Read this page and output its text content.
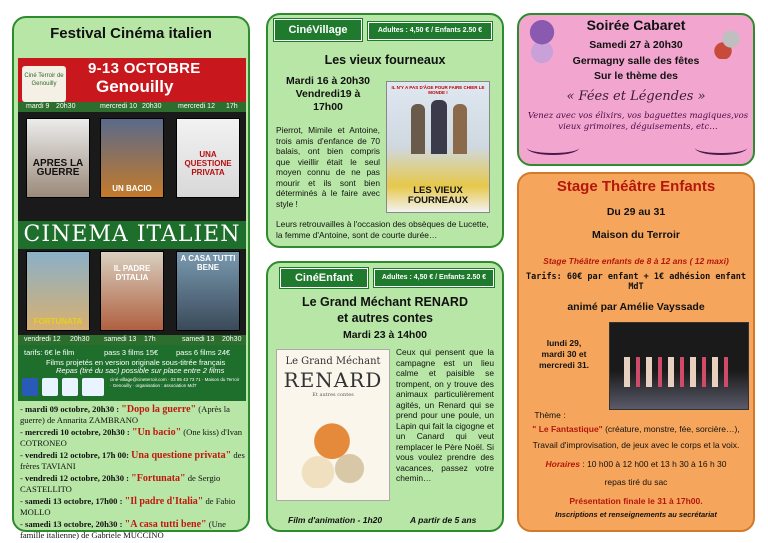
Festival Cinéma italien
Ciné Terroir de Genouilly
9-13 OCTOBRE
Genouilly
mardi 9 20h30	mercredi 10 20h30 mercredi 12 17h
APRES LA GUERRE
UN BACIO
UNA QUESTIONE PRIVATA
CINEMA ITALIEN
FORTUNATA
IL PADRE D'ITALIA
A CASA TUTTI BENE
vendredi 12 20h30 samedi 13 17h	samedi 13 20h30
tarifs: 6€ le film	pass 3 films 15€ pass 6 films 24€
Films projetés en version originale sous-titrée français
Repas (tiré du sac) possible sur place entre 2 films
ciné-village@cineterroir.com · 03 85 43 73 71 · Maison du Terroir · Genouilly · organisation : association MdT

- mardi 09 octobre, 20h30 : "Dopo la guerre" (Après la guerre) de Annarita ZAMBRANO

- mercredi 10 octobre, 20h30 : "Un bacio" (One kiss) d'Ivan COTRONEO

- vendredi 12 octobre, 17h 00: Una questione privata" des frères TAVIANI

- vendredi 12 octobre, 20h30 : "Fortunata" de Sergio CASTELLITO

- samedi 13 octobre, 17h00 : "Il padre d'Italia" de Fabio MOLLO

- samedi 13 octobre, 20h30 : "A casa tutti bene" (Une famille italienne) de Gabriele MUCCINO

CinéVillage	Adultes : 4,50 € / Enfants 2.50 €
Les vieux fourneaux
Mardi 16 à 20h30
Vendredi19 à
17h00
Pierrot, Mimile et Antoine, trois amis d'enfance de 70 balais, ont bien compris que vieillir était le seul moyen connu de ne pas mourir et ils sont bien déterminés à le faire avec style !
Leurs retrouvailles à l'occasion des obsèques de Lucette, la femme d'Antoine, sont de courte durée…
IL N'Y A PAS D'ÂGE POUR FAIRE CHIER LE MONDE !
LES VIEUX FOURNEAUX
CinéEnfant	Adultes : 4,50 € / Enfants 2.50 €
Le Grand Méchant RENARD
et autres contes
Mardi 23 à 14h00
Le Grand Méchant
RENARD
Et autres contes
Ceux qui pensent que la campagne est un lieu calme et paisible se trompent, on y trouve des animaux particulièrement agités, un Renard qui se prend pour une poule, un Lapin qui fait la cigogne et un Canard qui veut remplacer le Père Noël. Si vous voulez prendre des vacances, passez votre chemin…
Film d'animation - 1h20	A partir de 5 ans
Soirée Cabaret
Samedi 27 à 20h30
Germagny salle des fêtes
Sur le thème des
« Fées et Légendes »
Venez avec vos élixirs, vos baguettes magiques,vos vieux grimoires, déguisements, etc…
Stage Théâtre Enfants
Du 29 au 31
Maison du Terroir
Stage Théâtre enfants de 8 à 12 ans ( 12 maxi)
Tarifs: 60€ par enfant + 1€ adhésion enfant MdT
animé par Amélie Vayssade
lundi 29,
mardi 30 et
mercredi 31.
Thème :
" Le Fantastique" (créature, monstre, fée, sorcière…),
Travail d'improvisation, de jeux avec le corps et la voix.
Horaires : 10 h00 à 12 h00 et 13 h 30 à 16 h 30
repas tiré du sac
Présentation finale le 31 à 17h00.
Inscriptions et renseignements au secrétariat
